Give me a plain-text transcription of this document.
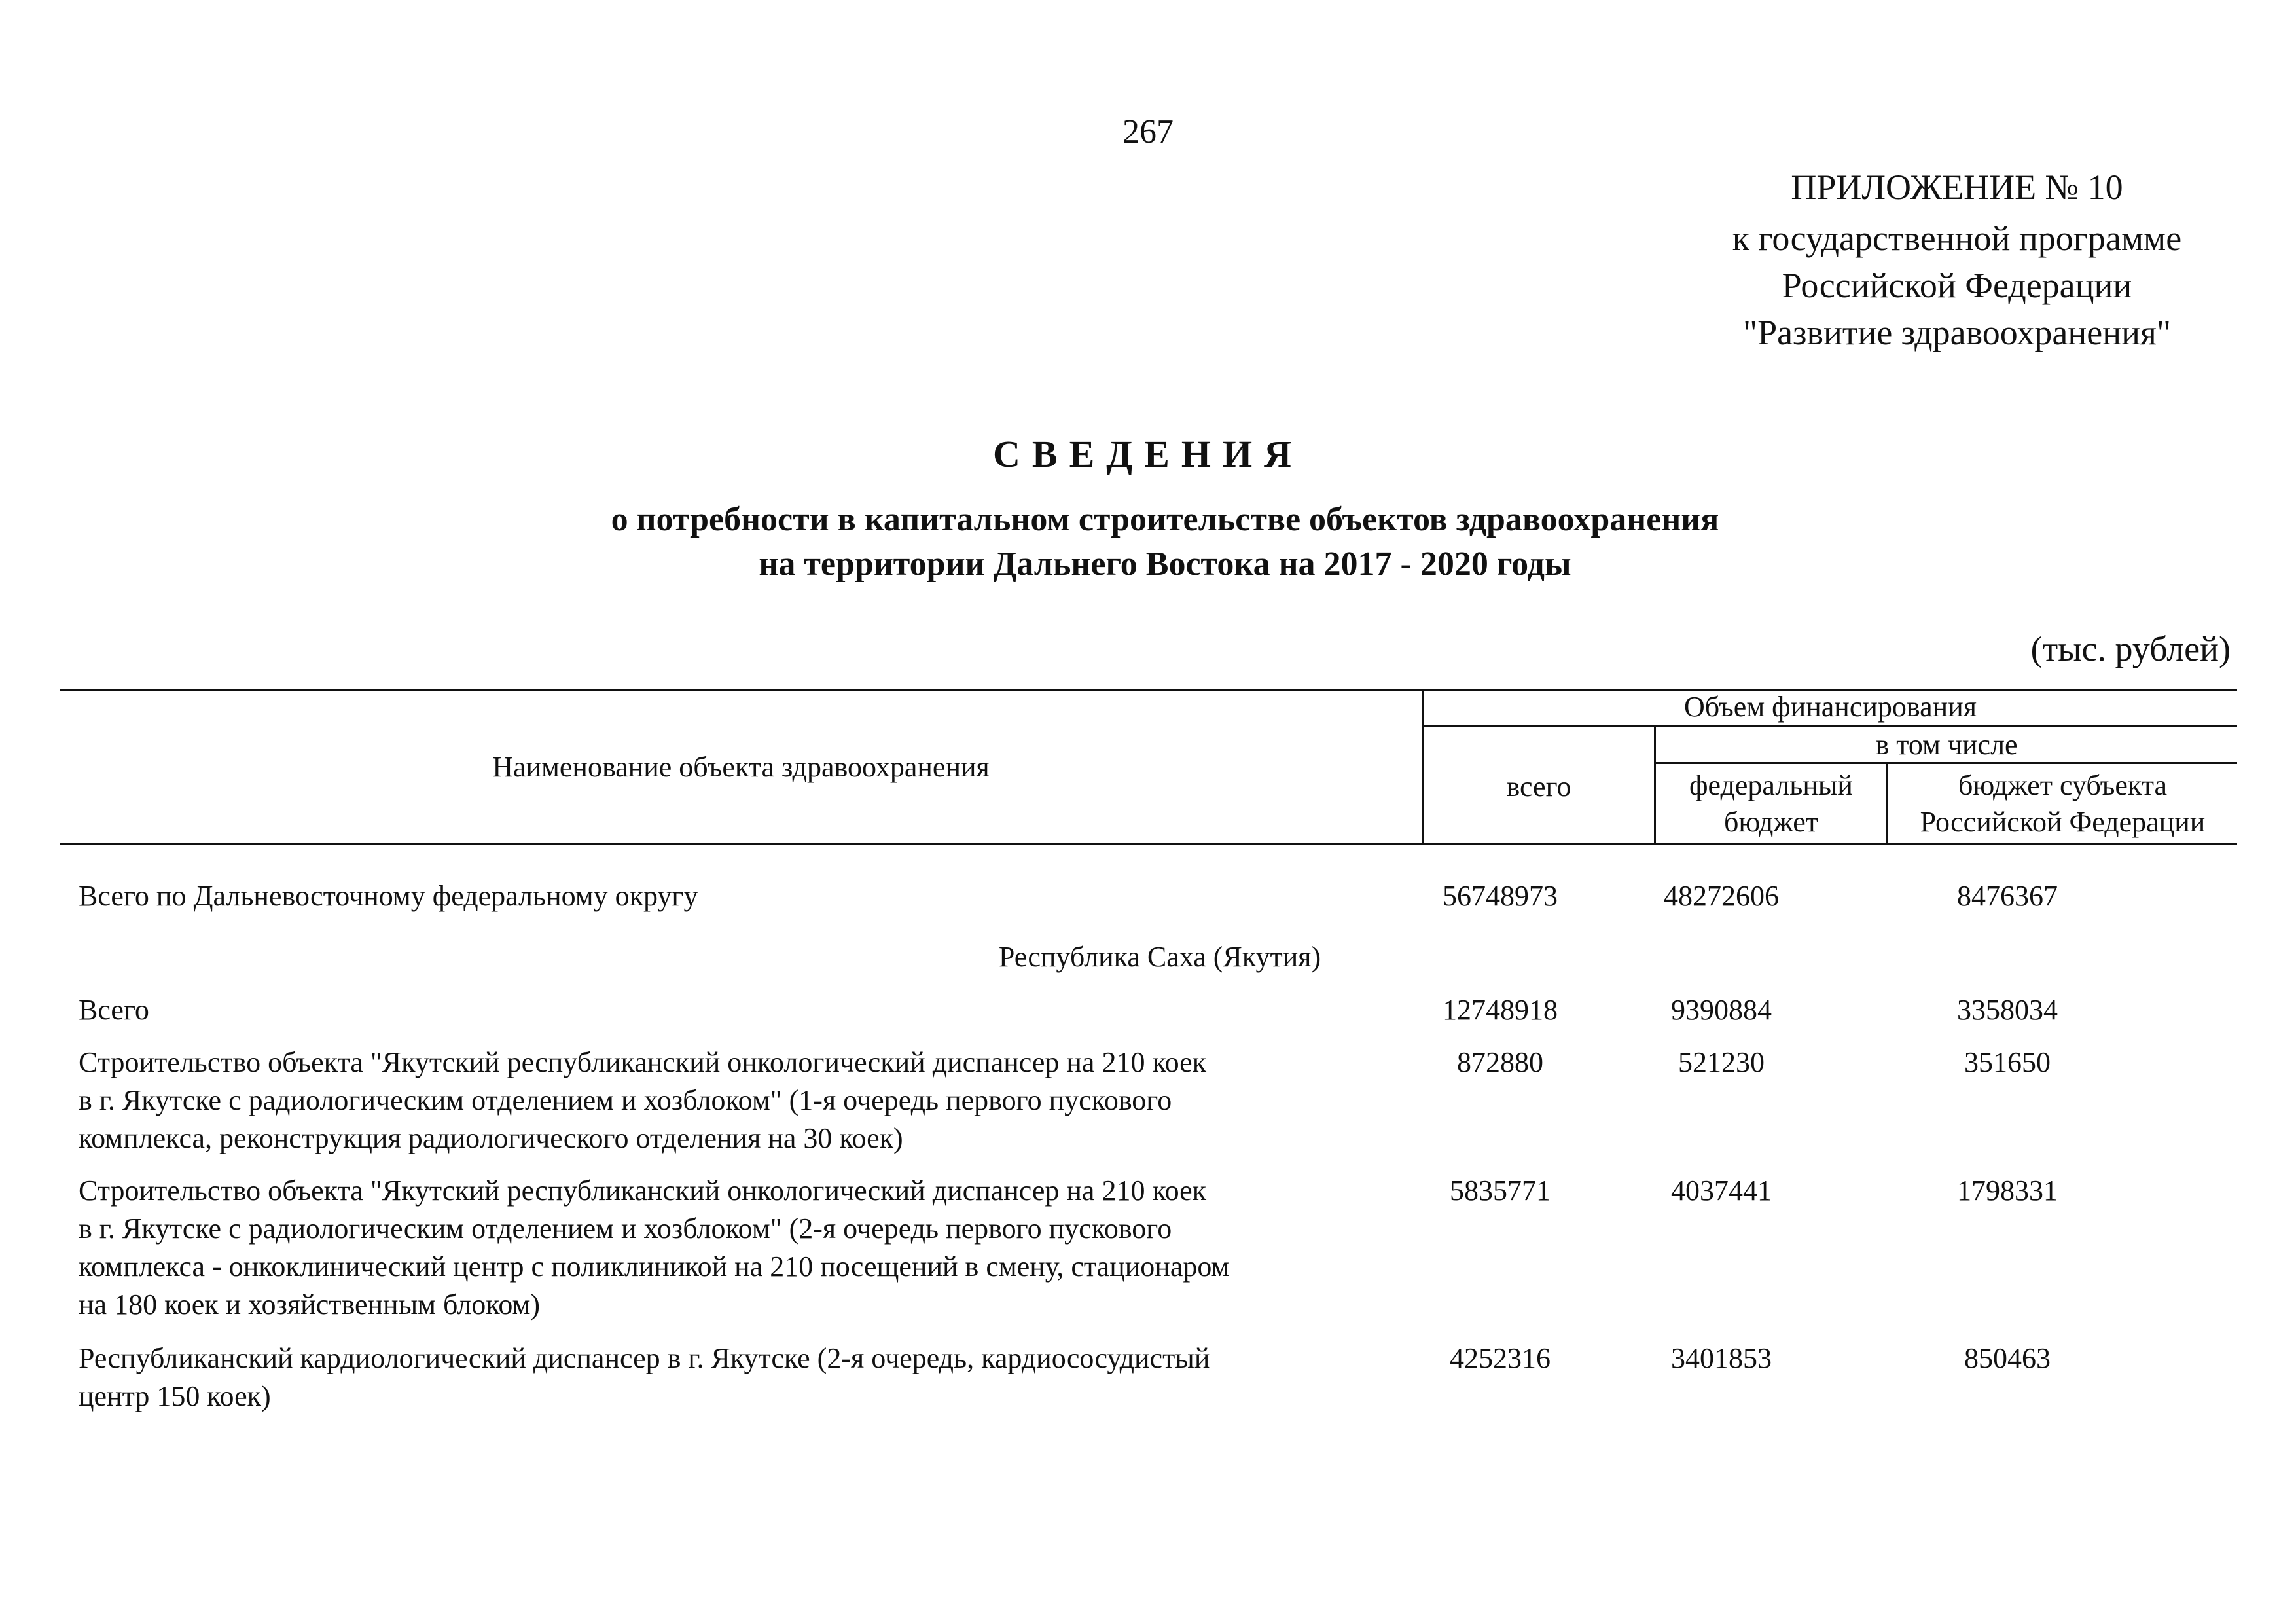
267
ПРИЛОЖЕНИЕ № 10
к государственной программе
Российской Федерации
"Развитие здравоохранения"
СВЕДЕНИЯ
о потребности в капитальном строительстве объектов здравоохранения
на территории Дальнего Востока на 2017 - 2020 годы
(тыс. рублей)
Наименование объекта здравоохранения
Объем финансирования
всего
в том числе
федеральный
бюджет
бюджет субъекта
Российской Федерации
Всего по Дальневосточному федеральному округу	56748973	48272606	8476367
Республика Саха (Якутия)
Всего	12748918	9390884	3358034
Строительство объекта "Якутский республиканский онкологический диспансер на 210 коек
в г. Якутске с радиологическим отделением и хозблоком" (1-я очередь первого пускового
комплекса, реконструкция радиологического отделения на 30 коек)
872880	521230	351650
Строительство объекта "Якутский республиканский онкологический диспансер на 210 коек
в г. Якутске с радиологическим отделением и хозблоком" (2-я очередь первого пускового
комплекса - онкоклинический центр с поликлиникой на 210 посещений в смену, стационаром
на 180 коек и хозяйственным блоком)
5835771	4037441	1798331
Республиканский кардиологический диспансер в г. Якутске (2-я очередь, кардиососудистый
центр 150 коек)
4252316	3401853	850463
